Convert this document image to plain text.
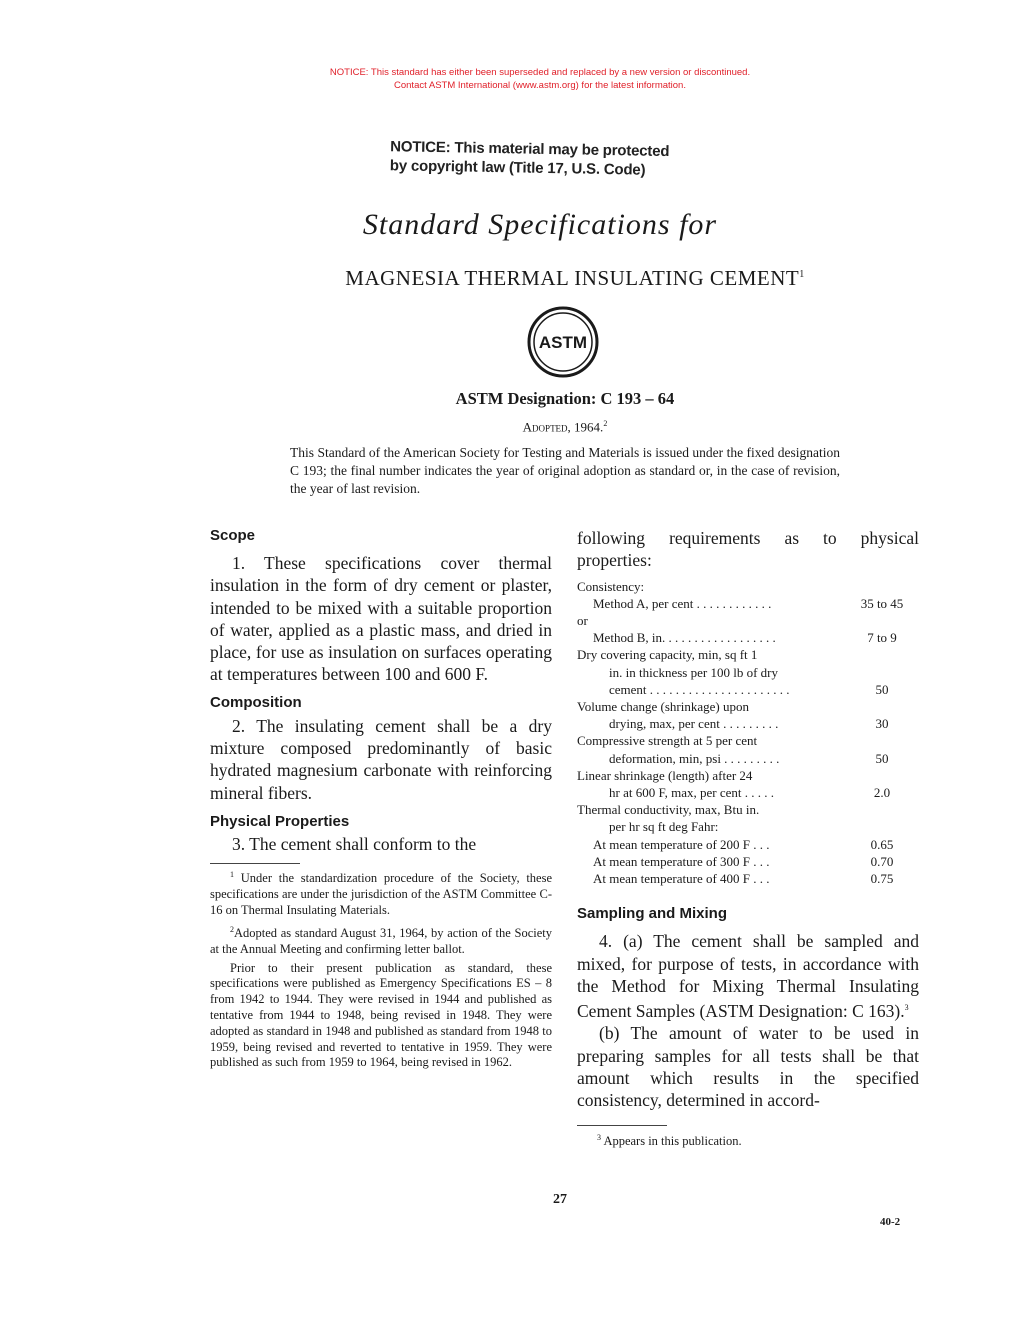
NOTICE: This standard has either been superseded and replaced by a new version or discontinued.
Contact ASTM International (www.astm.org) for the latest information.
NOTICE: This material may be protected
by copyright law (Title 17, U.S. Code)
Standard Specifications for
MAGNESIA THERMAL INSULATING CEMENT$^1$
ASTM
ASTM Designation: C 193 – 64
Adopted, 1964.$^2$
This Standard of the American Society for Testing and Materials is issued under the fixed designation C 193; the final number indicates the year of original adoption as standard or, in the case of revision, the year of last revision.
Scope

1. These specifications cover thermal insulation in the form of dry cement or plaster, intended to be mixed with a suitable proportion of water, applied as a plastic mass, and dried in place, for use as insulation on surfaces operating at temperatures between 100 and 600 F.

Composition

2. The insulating cement shall be a dry mixture composed predominantly of basic hydrated magnesium carbonate with reinforcing mineral fibers.

Physical Properties

3. The cement shall conform to the

$^1$ Under the standardization procedure of the Society, these specifications are under the jurisdiction of the ASTM Committee C-16 on Thermal Insulating Materials.

$^2$Adopted as standard August 31, 1964, by action of the Society at the Annual Meeting and confirming letter ballot.

Prior to their present publication as standard, these specifications were published as Emergency Specifications ES – 8 from 1942 to 1944. They were revised in 1944 and published as tentative from 1944 to 1948, being revised in 1948. They were adopted as standard in 1948 and published as standard from 1948 to 1959, being revised and reverted to tentative in 1959. They were published as such from 1959 to 1964, being revised in 1962.

following requirements as to physical properties:

Consistency:
Method A, per cent . . . . . . . . . . . .	35 to 45
or
Method B, in. . . . . . . . . . . . . . . . . .	7 to 9
Dry covering capacity, min, sq ft 1
in. in thickness per 100 lb of dry
cement . . . . . . . . . . . . . . . . . . . . . .	50
Volume change (shrinkage) upon
drying, max, per cent . . . . . . . . .	30
Compressive strength at 5 per cent
deformation, min, psi . . . . . . . . .	50
Linear shrinkage (length) after 24
hr at 600 F, max, per cent . . . . .	2.0
Thermal conductivity, max, Btu in.
per hr sq ft deg Fahr:
At mean temperature of 200 F . . .	0.65
At mean temperature of 300 F . . .	0.70
At mean temperature of 400 F . . .	0.75
Sampling and Mixing

4. (a) The cement shall be sampled and mixed, for purpose of tests, in accordance with the Method for Mixing Thermal Insulating Cement Samples (ASTM Designation: C 163).$^3$

(b) The amount of water to be used in preparing samples for all tests shall be that amount which results in the specified consistency, determined in accord-

$^3$ Appears in this publication.

27
40-2
